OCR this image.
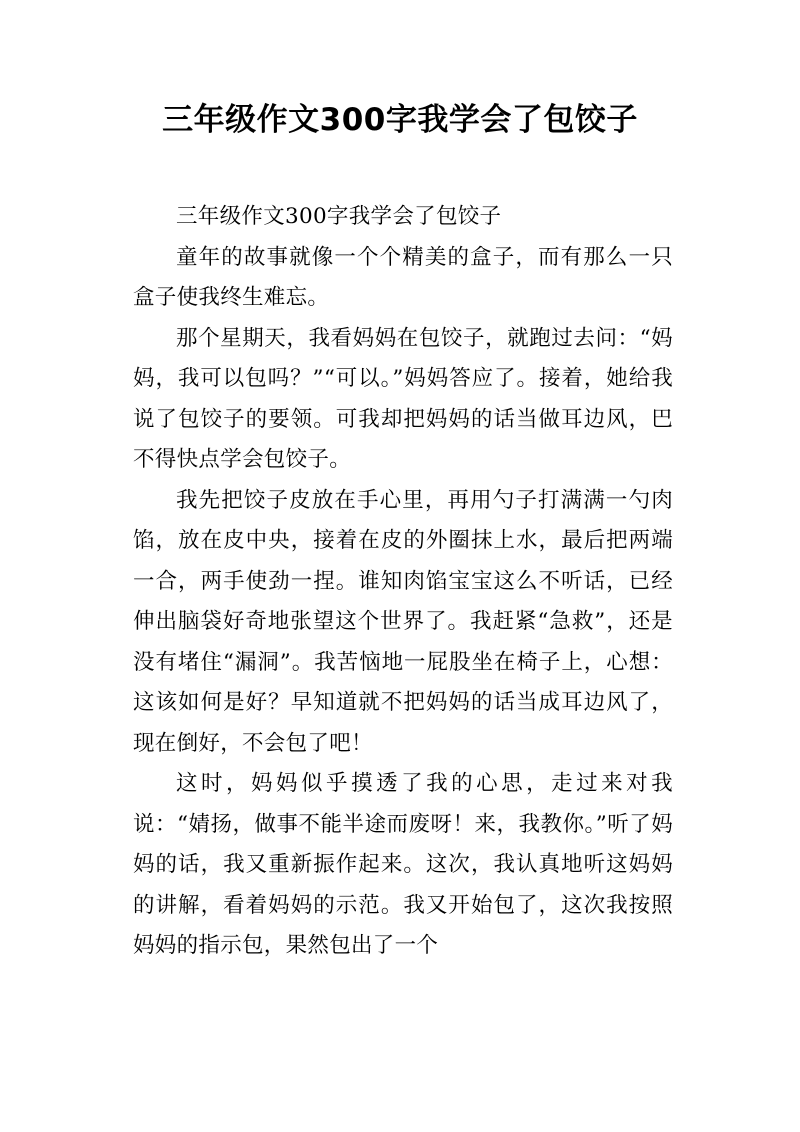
三年级作文300字我学会了包饺子

三年级作文300字我学会了包饺子

童年的故事就像一个个精美的盒子，而有那么一只盒子使我终生难忘。

那个星期天，我看妈妈在包饺子，就跑过去问：“妈妈，我可以包吗？”“可以。”妈妈答应了。接着，她给我说了包饺子的要领。可我却把妈妈的话当做耳边风，巴不得快点学会包饺子。

我先把饺子皮放在手心里，再用勺子打满满一勺肉馅，放在皮中央，接着在皮的外圈抹上水，最后把两端一合，两手使劲一捏。谁知肉馅宝宝这么不听话，已经伸出脑袋好奇地张望这个世界了。我赶紧“急救”，还是没有堵住“漏洞”。我苦恼地一屁股坐在椅子上，心想：这该如何是好？早知道就不把妈妈的话当成耳边风了，现在倒好，不会包了吧！

这时，妈妈似乎摸透了我的心思，走过来对我说：“婧扬，做事不能半途而废呀！来，我教你。”听了妈妈的话，我又重新振作起来。这次，我认真地听这妈妈的讲解，看着妈妈的示范。我又开始包了，这次我按照妈妈的指示包，果然包出了一个
